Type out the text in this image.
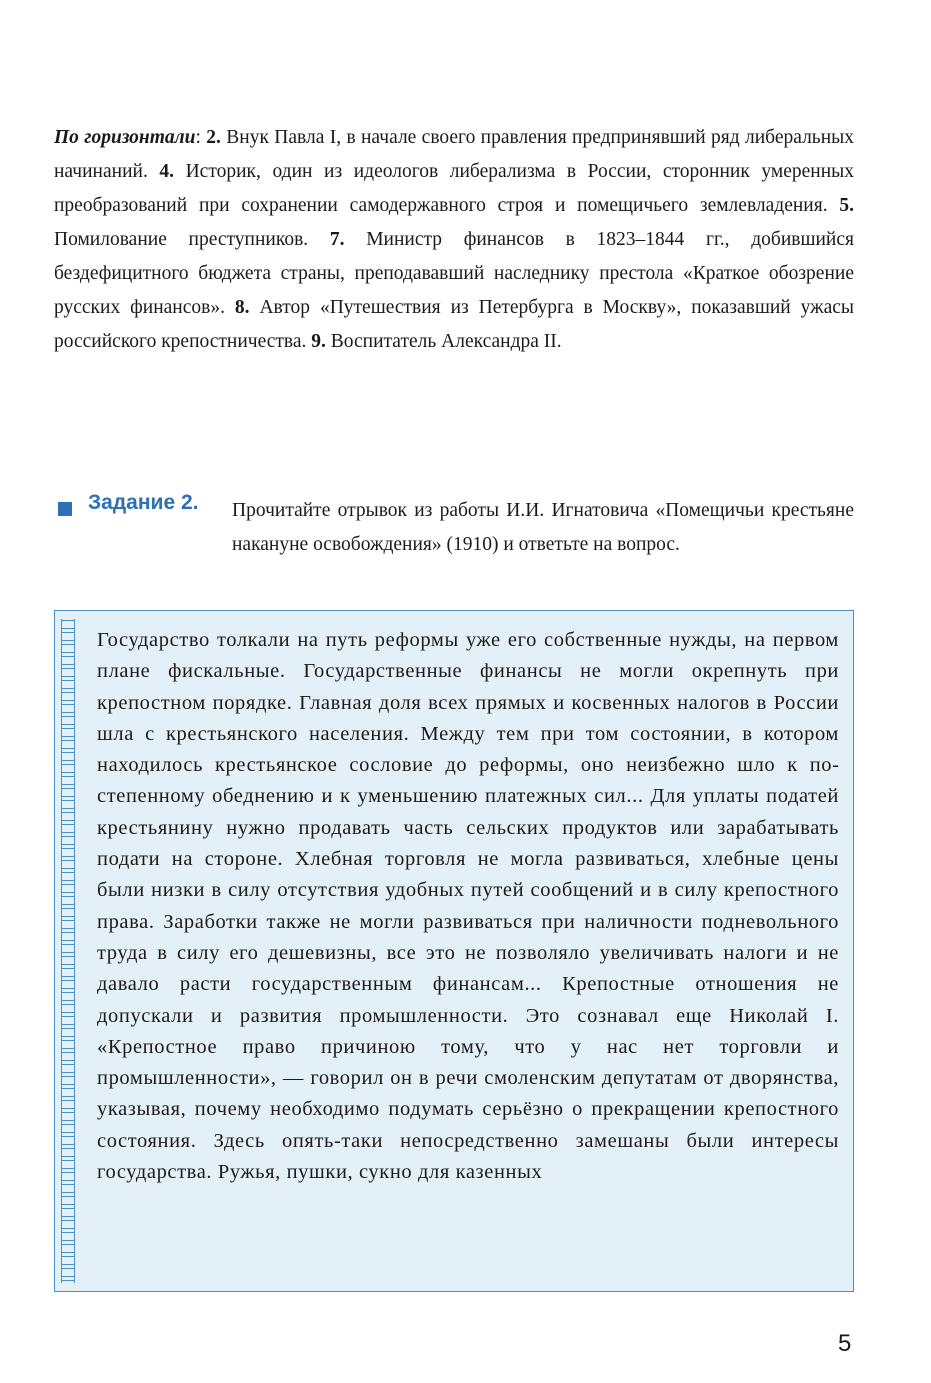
По горизонтали: 2. Внук Павла I, в начале своего правления предпринявший ряд либеральных начинаний. 4. Историк, один из идеологов либерализма в России, сторонник умеренных преобразований при сохранении самодержавного строя и помещичьего землевладения. 5. Помилование преступников. 7. Министр финансов в 1823–1844 гг., добившийся бездефицитного бюджета страны, преподававший наследнику престола «Краткое обозрение русских финансов». 8. Автор «Путешествия из Петербурга в Москву», показавший ужасы российского крепостничества. 9. Воспитатель Александра II.
Задание 2. Прочитайте отрывок из работы И.И. Игнатовича «Помещичьи крестьяне накануне освобождения» (1910) и ответьте на вопрос.
Государство толкали на путь реформы уже его собственные нужды, на первом плане фискальные. Государственные финансы не могли окрепнуть при крепостном порядке. Главная доля всех прямых и косвенных налогов в России шла с крестьянского населения. Между тем при том состоянии, в котором находилось крестьянское сословие до реформы, оно неизбежно шло к постепенному обеднению и к уменьшению платежных сил... Для уплаты податей крестьянину нужно продавать часть сельских продуктов или зарабатывать подати на стороне. Хлебная торговля не могла развиваться, хлебные цены были низки в силу отсутствия удобных путей сообщений и в силу крепостного права. Заработки также не могли развиваться при наличности подневольного труда в силу его дешевизны, все это не позволяло увеличивать налоги и не давало расти государственным финансам... Крепостные отношения не допускали и развития промышленности. Это сознавал еще Николай I. «Крепостное право причиною тому, что у нас нет торговли и промышленности», — говорил он в речи смоленским депутатам от дворянства, указывая, почему необходимо подумать серьёзно о прекращении крепостного состояния. Здесь опять-таки непосредственно замешаны были интересы государства. Ружья, пушки, сукно для казенных
5
